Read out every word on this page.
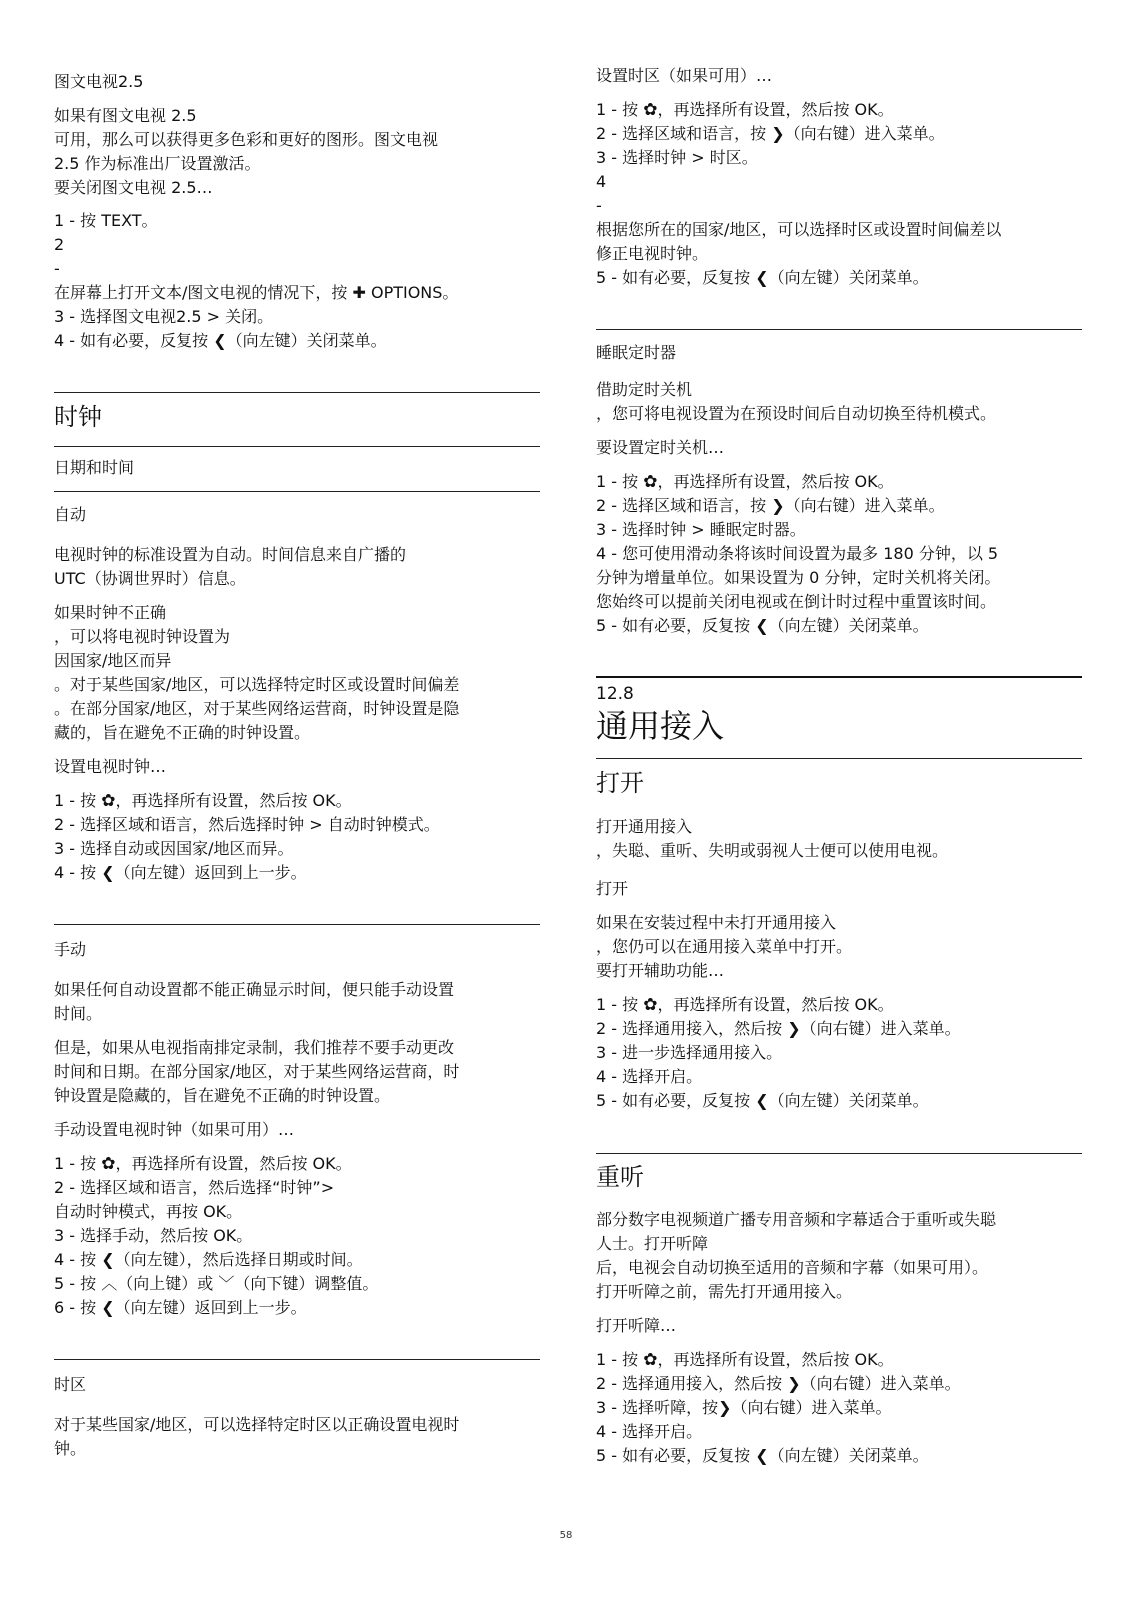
图文电视2.5
如果有图文电视 2.5
可用，那么可以获得更多色彩和更好的图形。图文电视
2.5 作为标准出厂设置激活。
要关闭图文电视 2.5…
1 - 按 TEXT。
2
-
在屏幕上打开文本/图文电视的情况下，按 ✚ OPTIONS。
3 - 选择图文电视2.5 > 关闭。
4 - 如有必要，反复按 ❮（向左键）关闭菜单。
时钟
日期和时间
自动
电视时钟的标准设置为自动。时间信息来自广播的
UTC（协调世界时）信息。
如果时钟不正确
，可以将电视时钟设置为
因国家/地区而异
。对于某些国家/地区，可以选择特定时区或设置时间偏差
。在部分国家/地区，对于某些网络运营商，时钟设置是隐
藏的，旨在避免不正确的时钟设置。
设置电视时钟…
1 - 按 ✿，再选择所有设置，然后按 OK。
2 - 选择区域和语言，然后选择时钟 > 自动时钟模式。
3 - 选择自动或因国家/地区而异。
4 - 按 ❮（向左键）返回到上一步。
手动
如果任何自动设置都不能正确显示时间，便只能手动设置
时间。
但是，如果从电视指南排定录制，我们推荐不要手动更改
时间和日期。在部分国家/地区，对于某些网络运营商，时
钟设置是隐藏的，旨在避免不正确的时钟设置。
手动设置电视时钟（如果可用）…
1 - 按 ✿，再选择所有设置，然后按 OK。
2 - 选择区域和语言，然后选择“时钟”>
自动时钟模式，再按 OK。
3 - 选择手动，然后按 OK。
4 - 按 ❮（向左键），然后选择日期或时间。
5 - 按 ︿（向上键）或 ﹀（向下键）调整值。
6 - 按 ❮（向左键）返回到上一步。
时区
对于某些国家/地区，可以选择特定时区以正确设置电视时
钟。
设置时区（如果可用）…
1 - 按 ✿，再选择所有设置，然后按 OK。
2 - 选择区域和语言，按 ❯（向右键）进入菜单。
3 - 选择时钟 > 时区。
4
-
根据您所在的国家/地区，可以选择时区或设置时间偏差以
修正电视时钟。
5 - 如有必要，反复按 ❮（向左键）关闭菜单。
睡眠定时器
借助定时关机
，您可将电视设置为在预设时间后自动切换至待机模式。
要设置定时关机…
1 - 按 ✿，再选择所有设置，然后按 OK。
2 - 选择区域和语言，按 ❯（向右键）进入菜单。
3 - 选择时钟 > 睡眠定时器。
4 - 您可使用滑动条将该时间设置为最多 180 分钟，以 5
分钟为增量单位。如果设置为 0 分钟，定时关机将关闭。
您始终可以提前关闭电视或在倒计时过程中重置该时间。
5 - 如有必要，反复按 ❮（向左键）关闭菜单。
12.8
通用接入
打开
打开通用接入
，失聪、重听、失明或弱视人士便可以使用电视。
打开
如果在安装过程中未打开通用接入
，您仍可以在通用接入菜单中打开。
要打开辅助功能…
1 - 按 ✿，再选择所有设置，然后按 OK。
2 - 选择通用接入，然后按 ❯（向右键）进入菜单。
3 - 进一步选择通用接入。
4 - 选择开启。
5 - 如有必要，反复按 ❮（向左键）关闭菜单。
重听
部分数字电视频道广播专用音频和字幕适合于重听或失聪
人士。打开听障
后，电视会自动切换至适用的音频和字幕（如果可用）。
打开听障之前，需先打开通用接入。
打开听障…
1 - 按 ✿，再选择所有设置，然后按 OK。
2 - 选择通用接入，然后按 ❯（向右键）进入菜单。
3 - 选择听障，按❯（向右键）进入菜单。
4 - 选择开启。
5 - 如有必要，反复按 ❮（向左键）关闭菜单。
58
